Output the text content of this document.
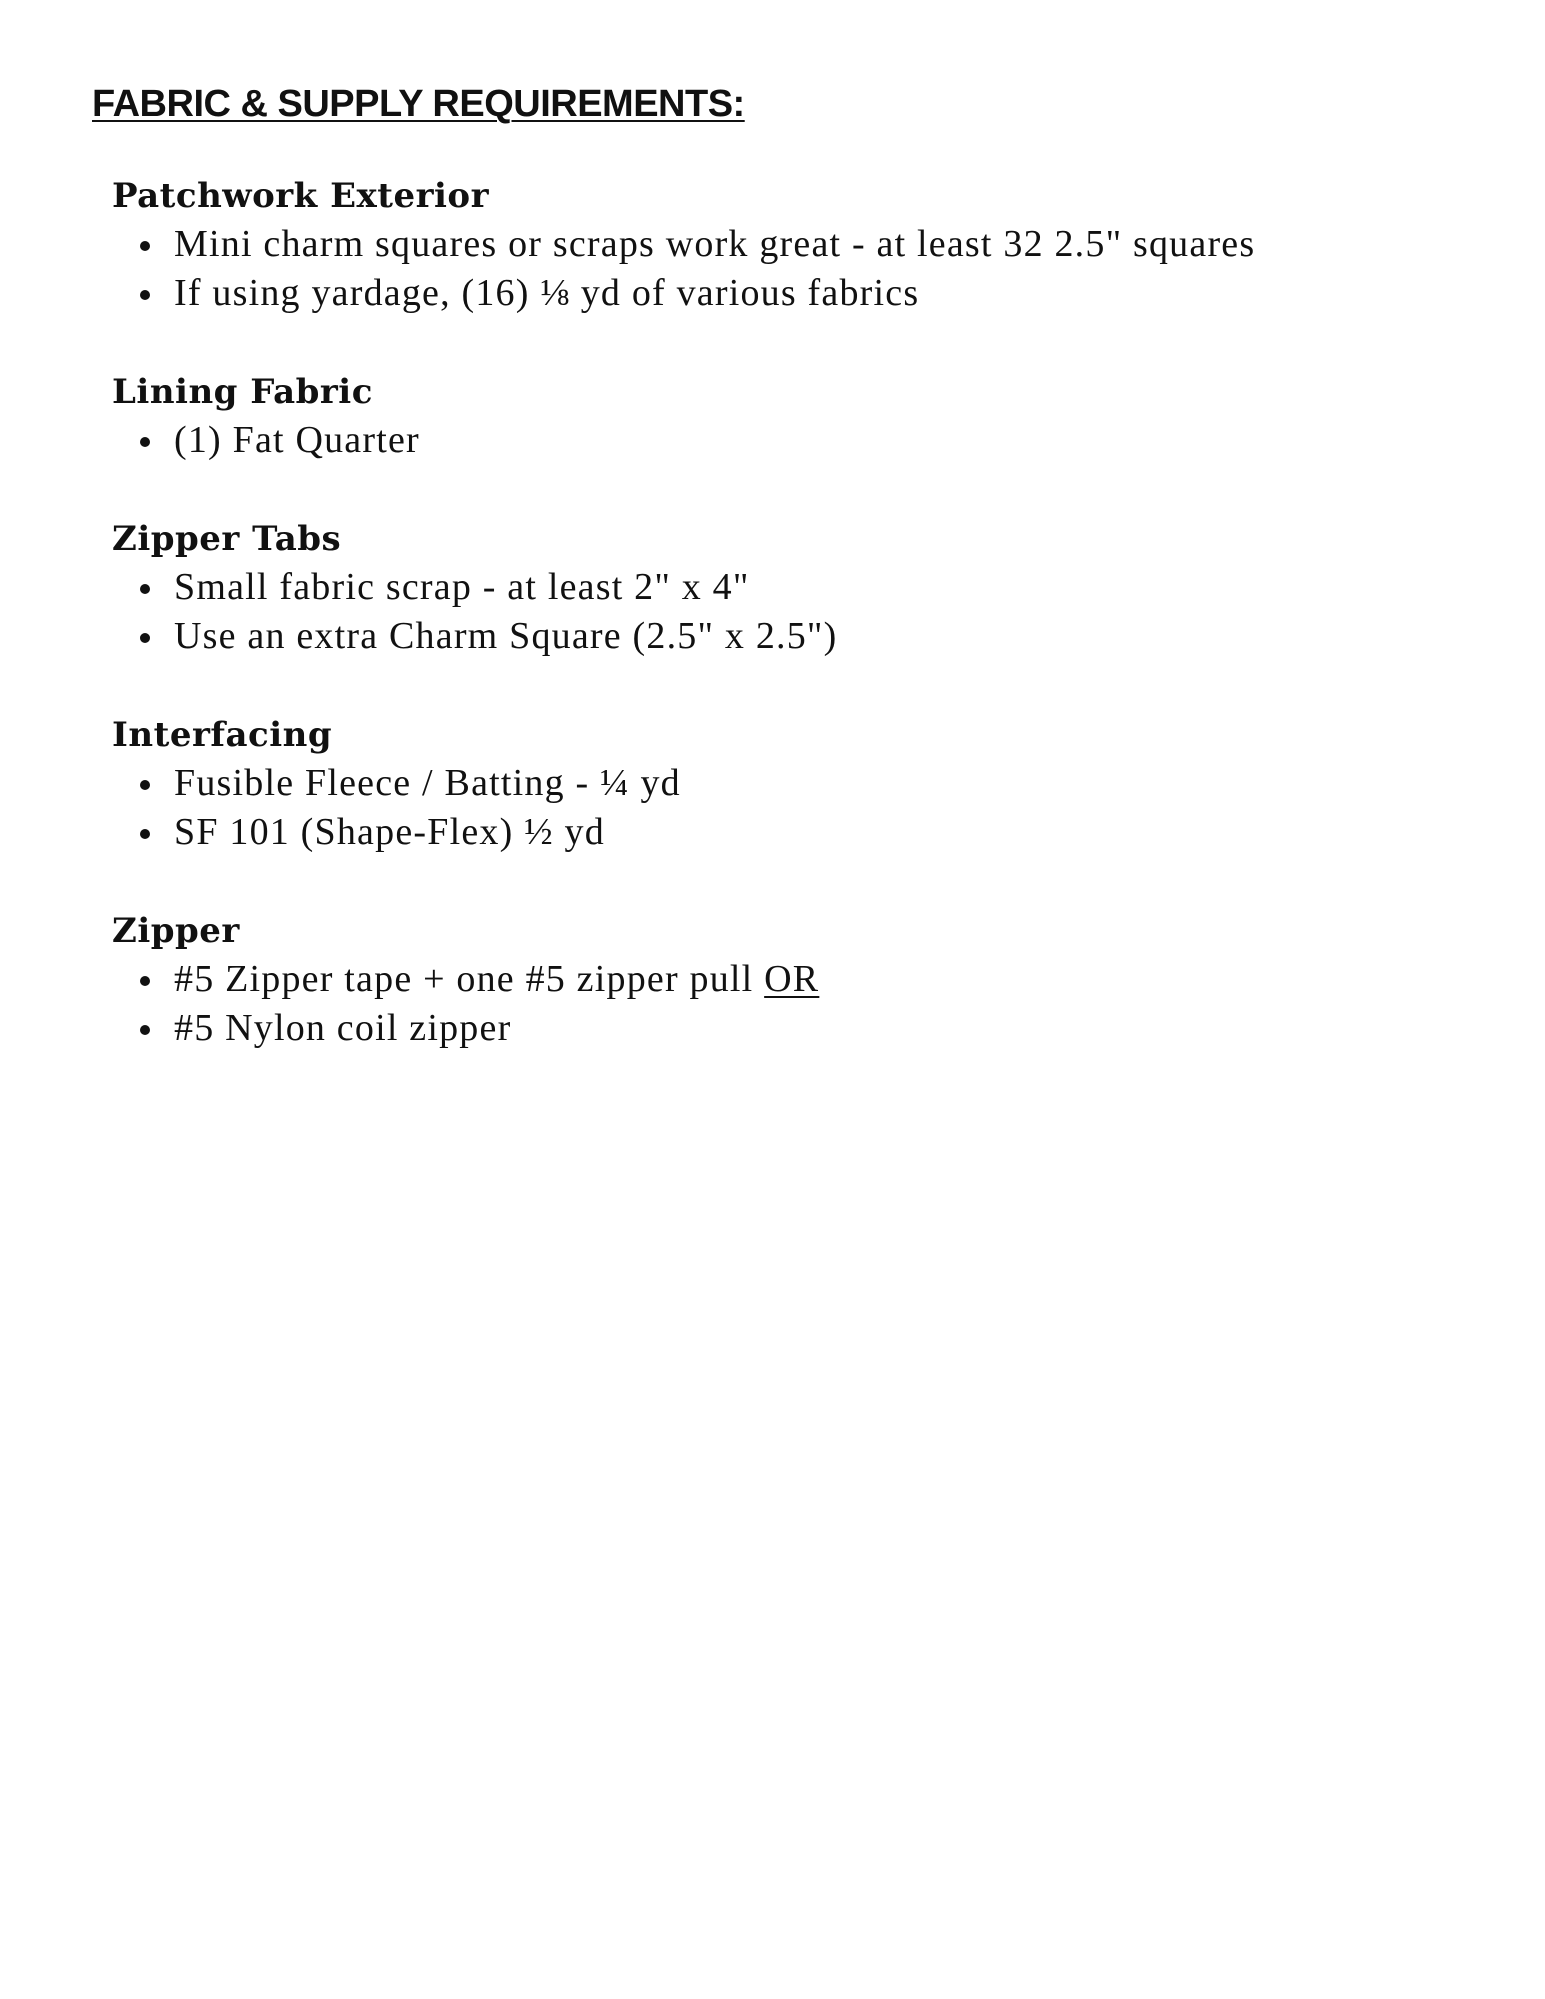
FABRIC & SUPPLY REQUIREMENTS:
Patchwork Exterior
Mini charm squares or scraps work great - at least 32 2.5" squares
If using yardage, (16) ⅛ yd of various fabrics
Lining Fabric
(1) Fat Quarter
Zipper Tabs
Small fabric scrap - at least 2" x 4"
Use an extra Charm Square (2.5" x 2.5")
Interfacing
Fusible Fleece / Batting - ¼ yd
SF 101 (Shape-Flex) ½ yd
Zipper
#5 Zipper tape + one #5 zipper pull OR
#5 Nylon coil zipper
